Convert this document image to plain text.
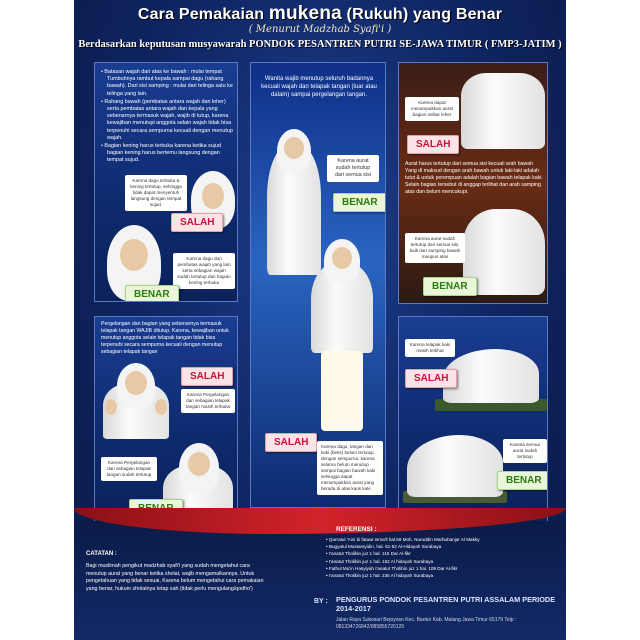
Cara Pemakaian mukena (Rukuh) yang Benar
( Menurut Madzhab Syafi'i )
Berdasarkan keputusan musyawarah PONDOK PESANTREN PUTRI SE-JAWA TIMUR ( FMP3-JATIM )
• Batasan wajah dari atas ke bawah : mulai tempat Tumbuhnya rambut kepala sampai dagu (rahang bawah). Dari sisi samping : mulai dari telinga satu ke telinga yang lain.
• Rahang bawah (pembatas antara wajah dan leher) serta pembatas antara wajah dan kepala yang sebenarnya termasuk wajah, wajib di tutup, karena kewajiban menutupi anggota selain wajah tidak bisa terpenuhi secara sempurna kecuali dengan menutup wajah.
• Bagian kening harus terbuka karena ketika sujud bagian kening harus bertemu langsung dengan tempat sujud.
Karena dagu terbuka & kening tertutup, sehingga tidak dapat menyentuh langsung dengan tempat sujud.
SALAH
Karena dagu dan pembatas wajah yang lain serta sebagian wajah sudah tertutup dan bagian kening terbuka
BENAR
Wanita wajib menutup seluruh badannya kecuali wajah dan telapak tangan (luar atau dalam) sampai pergelangan tangan.
Karena aurat sudah tertutup dari semua sisi
BENAR
SALAH	Karena dagu, tangan dan kaki (betis) belum tertutup dengan sempurna, karena selama belum menutup sampai bagian bawah kaki sehingga dapat menampakkan aurat yang berada di atas kaos kaki
Karena dapat menampakkan aurat bagian selitar leher
SALAH
Aurat harus tertutup dari semua sisi kecuali arah bawah Yang di maksud dengan arah bawah untuk laki-laki adalah tutut & untuk perempuan adalah bagian bawah telapak kaki. Selain bagian tersebut di anggap terlihat dari arah samping atas dan belum mencukupi.
Karena aurat sudah tertutup dari semua sisi, baik dari samping bawah maupun atas
BENAR
Pergelangan dan bagian yang sebenarnya termasuk telapak tangan WAJIB ditutup. Karena, kewajiban untuk menutup anggota selain telapak tangan tidak bisa terpenuhi secara sempurna kecuali dengan menutup sebagian telapak tangan
SALAH
Karena Pergelangan dan sebagian telapak tangan masih terbuka
Karena Pergelangan dan sebagian telapak tangan sudah tertutup
Karena telapak kaki masih terlihat
SALAH
Karena semua aurat sudah tertutup
BENAR
CATATAN :
Bagi muslimah pengikut madzhab syafi'i yang sudah mengetahui cara menutup aurat yang benar ketika sholat, wajib mengamalkannya. Untuk pengetahuan yang tidak sesuai, Karena belum mengetahui cara pemakaian yang benar, hukum sholatnya tetap sah (tidak perlu mengulang/qodho')
REFERENSI :
• Qurratul 'Aini bi fatawi Isma'il hal.59 Moh. Nuruddin Marbubanjar Al Makky
• Bugyatul Mustarsyidin, hal. 51-52 Al-Hidayah Surabaya
• I'anatut Tholibin juz 1 hal. 115 Dar Al-fikr
• I'anatut Tholibin juz 1 hal. 162 Al hidayah Surabaya
• Fathul Mu'in Hasyiyah I'anatut Tholibin juz 1 hal. 109 Dar Al-fikr
• I'anatut Tholibin juz 1 hal. 235 Al hidayah Surabaya
BY : PENGURUS PONDOK PESANTREN PUTRI ASSALAM PERIODE 2014-2017
Jalan Raya Sukosari Bejoyoso Kec. Bantur Kab. Malang Jawa Timur 65179 Telp : 081334726842/085855720125
